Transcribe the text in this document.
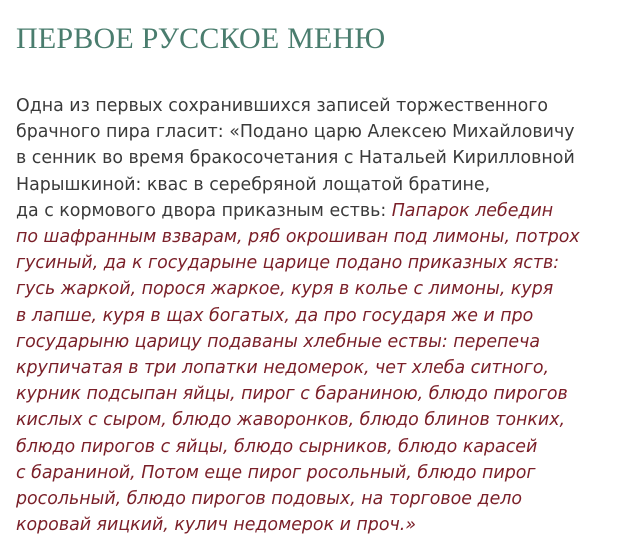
ПЕРВОЕ РУССКОЕ МЕНЮ

Одна из первых сохранившихся записей торжественного
брачного пира гласит: «Подано царю Алексею Михайловичу
в сенник во время бракосочетания с Натальей Кирилловной
Нарышкиной: квас в серебряной лощатой братине,
да с кормового двора приказным ествь: Папарок лебедин
по шафранным взварам, ряб окрошиван под лимоны, потрох
гусиный, да к государыне царице подано приказных яств:
гусь жаркой, порося жаркое, куря в колье с лимоны, куря
в лапше, куря в щах богатых, да про государя же и про
государыню царицу подаваны хлебные ествы: перепеча
крупичатая в три лопатки недомерок, чет хлеба ситного,
курник подсыпан яйцы, пирог с бараниною, блюдо пирогов
кислых с сыром, блюдо жаворонков, блюдо блинов тонких,
блюдо пирогов с яйцы, блюдо сырников, блюдо карасей
с бараниной, Потом еще пирог росольный, блюдо пирог
росольный, блюдо пирогов подовых, на торговое дело
коровай яицкий, кулич недомерок и проч.»
